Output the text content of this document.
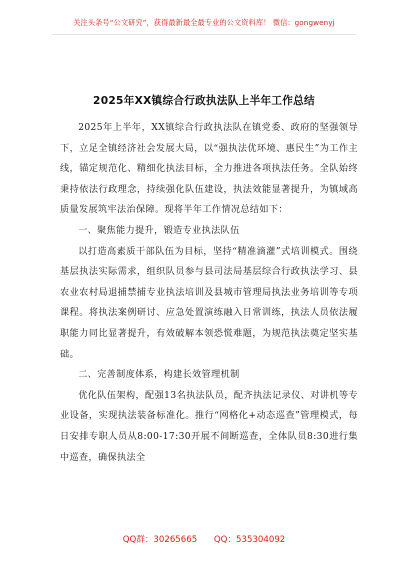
关注头条号“公文研究”，获得最新最全最专业的公文资料库！ 微信：gongwenyj
2025年XX镇综合行政执法队上半年工作总结

2025年上半年，XX镇综合行政执法队在镇党委、政府的坚强领导下，立足全镇经济社会发展大局，以“强执法优环境、惠民生”为工作主线，锚定规范化、精细化执法目标，全力推进各项执法任务。全队始终秉持依法行政理念，持续强化队伍建设，执法效能显著提升，为镇域高质量发展筑牢法治保障。现将半年工作情况总结如下：

一、聚焦能力提升，锻造专业执法队伍

以打造高素质干部队伍为目标，坚持“精准滴灌”式培训模式。围绕基层执法实际需求，组织队员参与县司法局基层综合行政执法学习、县农业农村局退捕禁捕专业执法培训及县城市管理局执法业务培训等专项课程。将执法案例研讨、应急处置演练融入日常训练，执法人员依法履职能力同比显著提升，有效破解本领恐慌难题，为规范执法奠定坚实基础。

二、完善制度体系，构建长效管理机制

优化队伍架构，配强13名执法队员，配齐执法记录仪、对讲机等专业设备，实现执法装备标准化。推行“网格化+动态巡查”管理模式，每日安排专职人员从8:00-17:30开展不间断巡查，全体队员8:30进行集中巡查，确保执法全

QQ群：30265665 QQ：535304092
